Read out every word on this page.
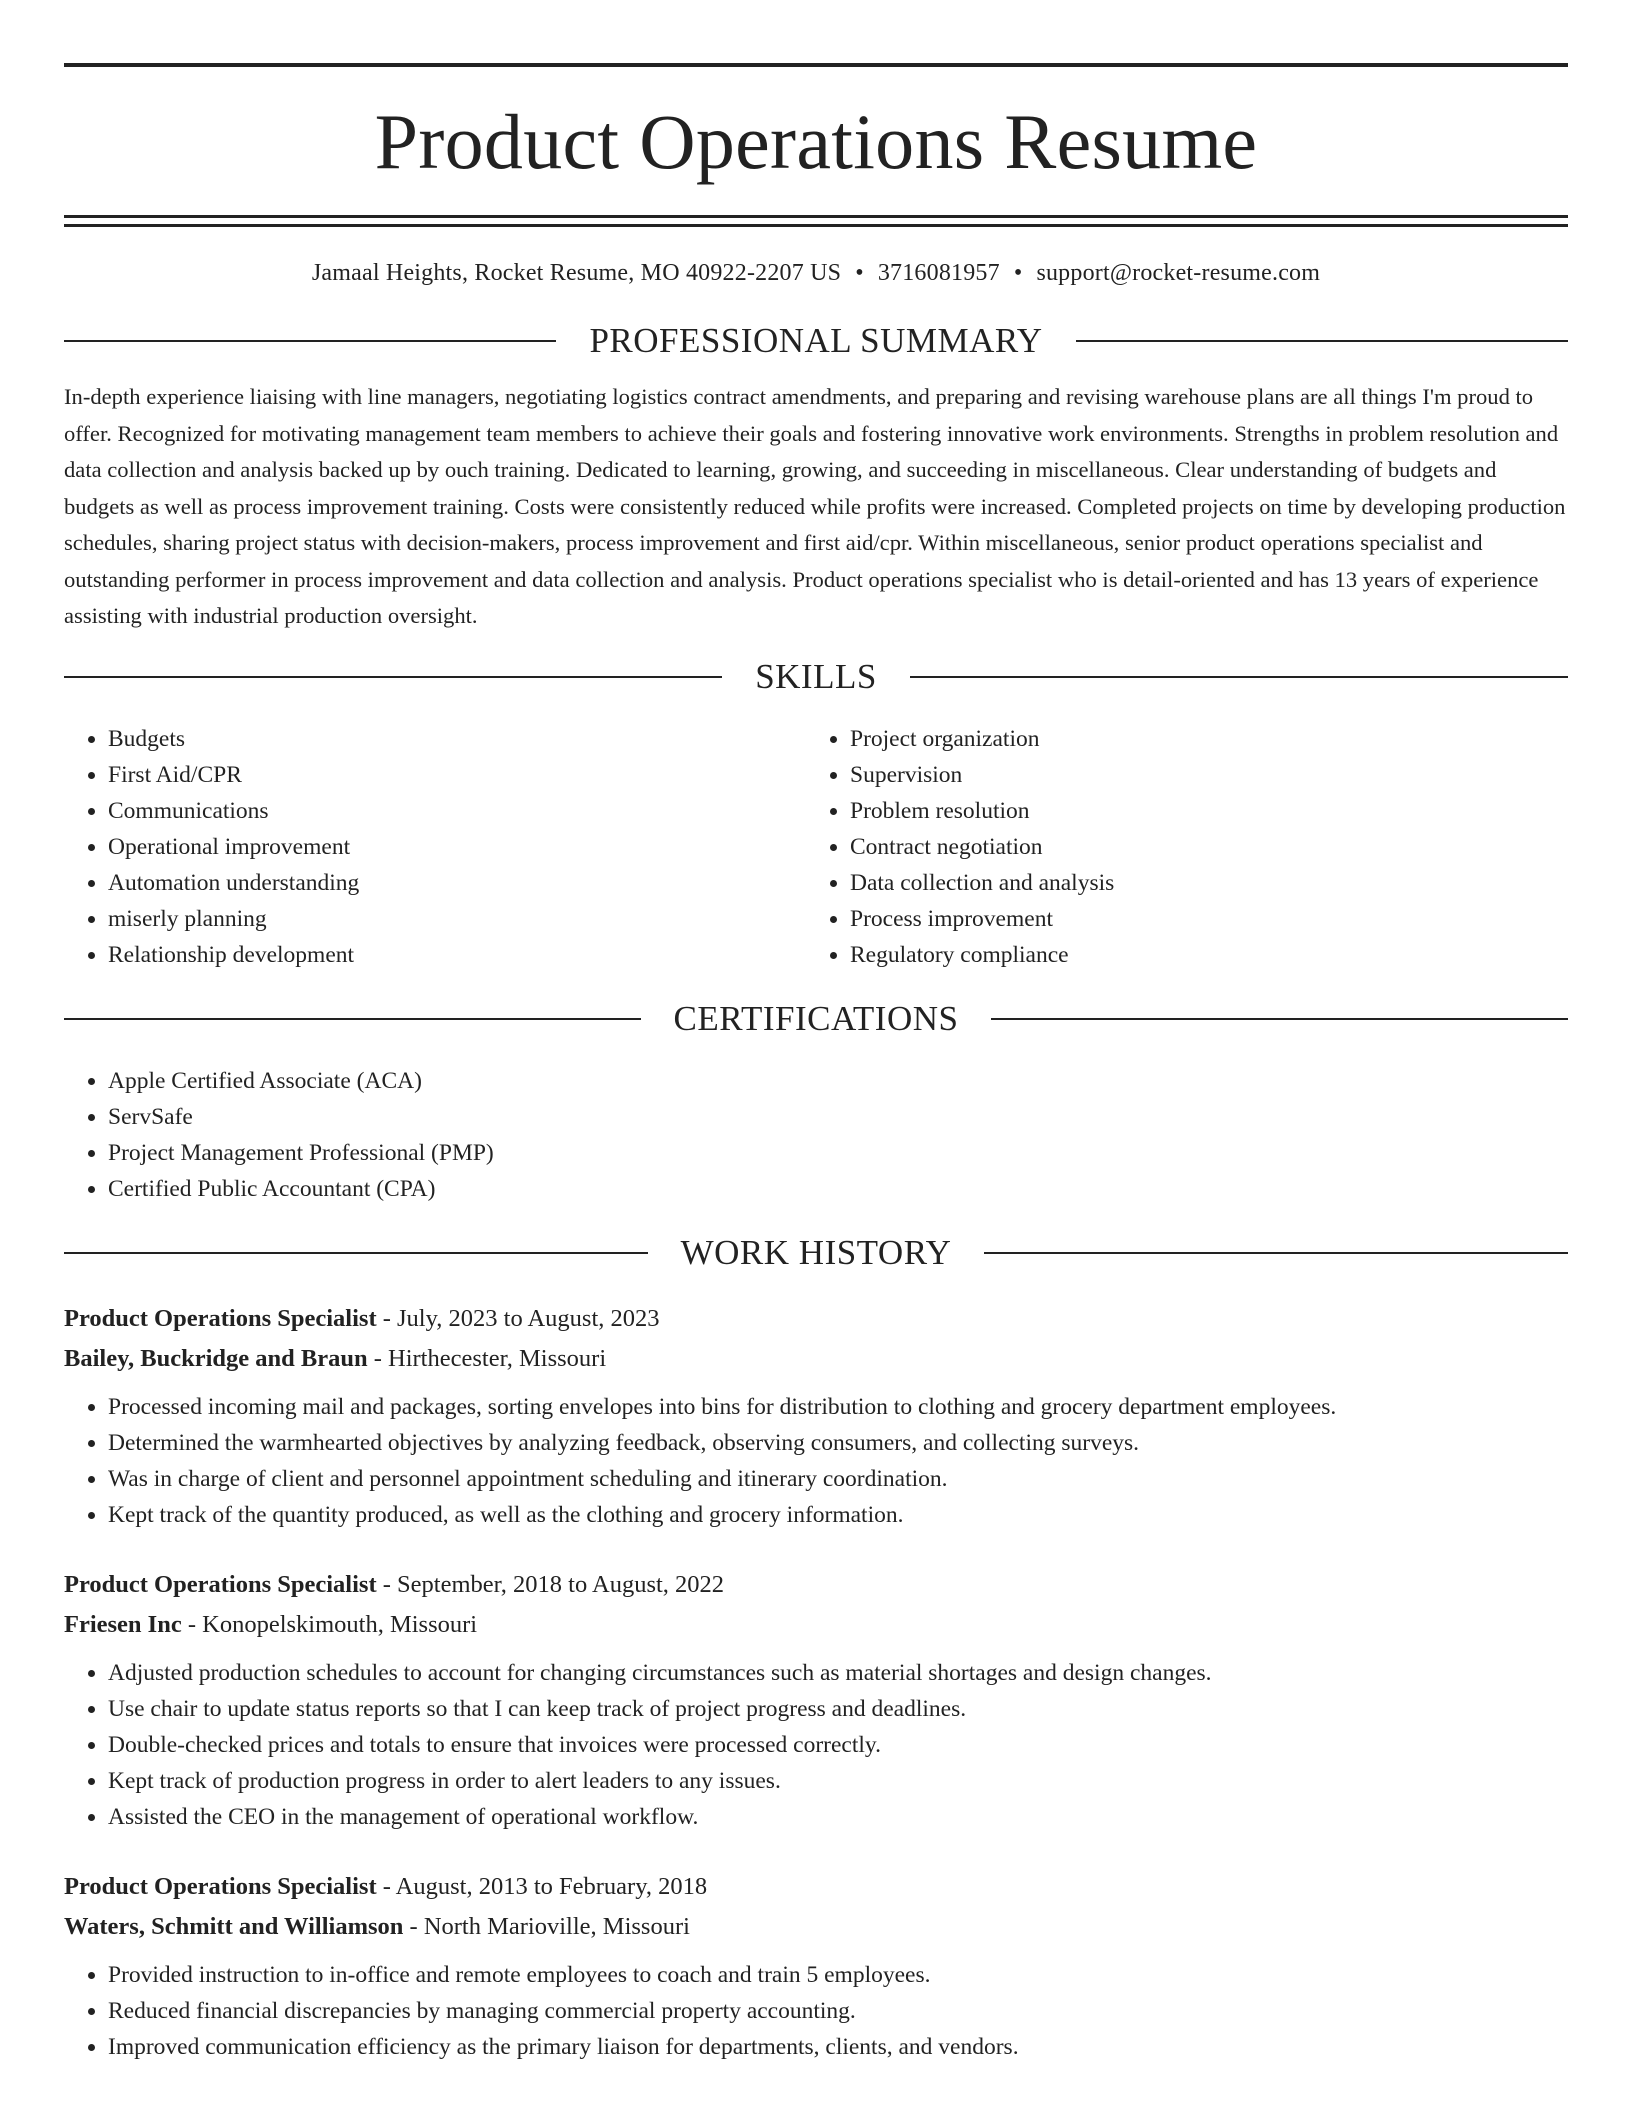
Product Operations Resume
Jamaal Heights, Rocket Resume, MO 40922-2207 US • 3716081957 • support@rocket-resume.com
PROFESSIONAL SUMMARY

In-depth experience liaising with line managers, negotiating logistics contract amendments, and preparing and revising warehouse plans are all things I'm proud to offer. Recognized for motivating management team members to achieve their goals and fostering innovative work environments. Strengths in problem resolution and data collection and analysis backed up by ouch training. Dedicated to learning, growing, and succeeding in miscellaneous. Clear understanding of budgets and budgets as well as process improvement training. Costs were consistently reduced while profits were increased. Completed projects on time by developing production schedules, sharing project status with decision-makers, process improvement and first aid/cpr. Within miscellaneous, senior product operations specialist and outstanding performer in process improvement and data collection and analysis. Product operations specialist who is detail-oriented and has 13 years of experience assisting with industrial production oversight.

SKILLS
• Budgets
• First Aid/CPR
• Communications
• Operational improvement
• Automation understanding
• miserly planning
• Relationship development
• Project organization
• Supervision
• Problem resolution
• Contract negotiation
• Data collection and analysis
• Process improvement
• Regulatory compliance
CERTIFICATIONS
• Apple Certified Associate (ACA)
• ServSafe
• Project Management Professional (PMP)
• Certified Public Accountant (CPA)
WORK HISTORY
Product Operations Specialist - July, 2023 to August, 2023
Bailey, Buckridge and Braun - Hirthecester, Missouri
• Processed incoming mail and packages, sorting envelopes into bins for distribution to clothing and grocery department employees.
• Determined the warmhearted objectives by analyzing feedback, observing consumers, and collecting surveys.
• Was in charge of client and personnel appointment scheduling and itinerary coordination.
• Kept track of the quantity produced, as well as the clothing and grocery information.
Product Operations Specialist - September, 2018 to August, 2022
Friesen Inc - Konopelskimouth, Missouri
• Adjusted production schedules to account for changing circumstances such as material shortages and design changes.
• Use chair to update status reports so that I can keep track of project progress and deadlines.
• Double-checked prices and totals to ensure that invoices were processed correctly.
• Kept track of production progress in order to alert leaders to any issues.
• Assisted the CEO in the management of operational workflow.
Product Operations Specialist - August, 2013 to February, 2018
Waters, Schmitt and Williamson - North Marioville, Missouri
• Provided instruction to in-office and remote employees to coach and train 5 employees.
• Reduced financial discrepancies by managing commercial property accounting.
• Improved communication efficiency as the primary liaison for departments, clients, and vendors.
